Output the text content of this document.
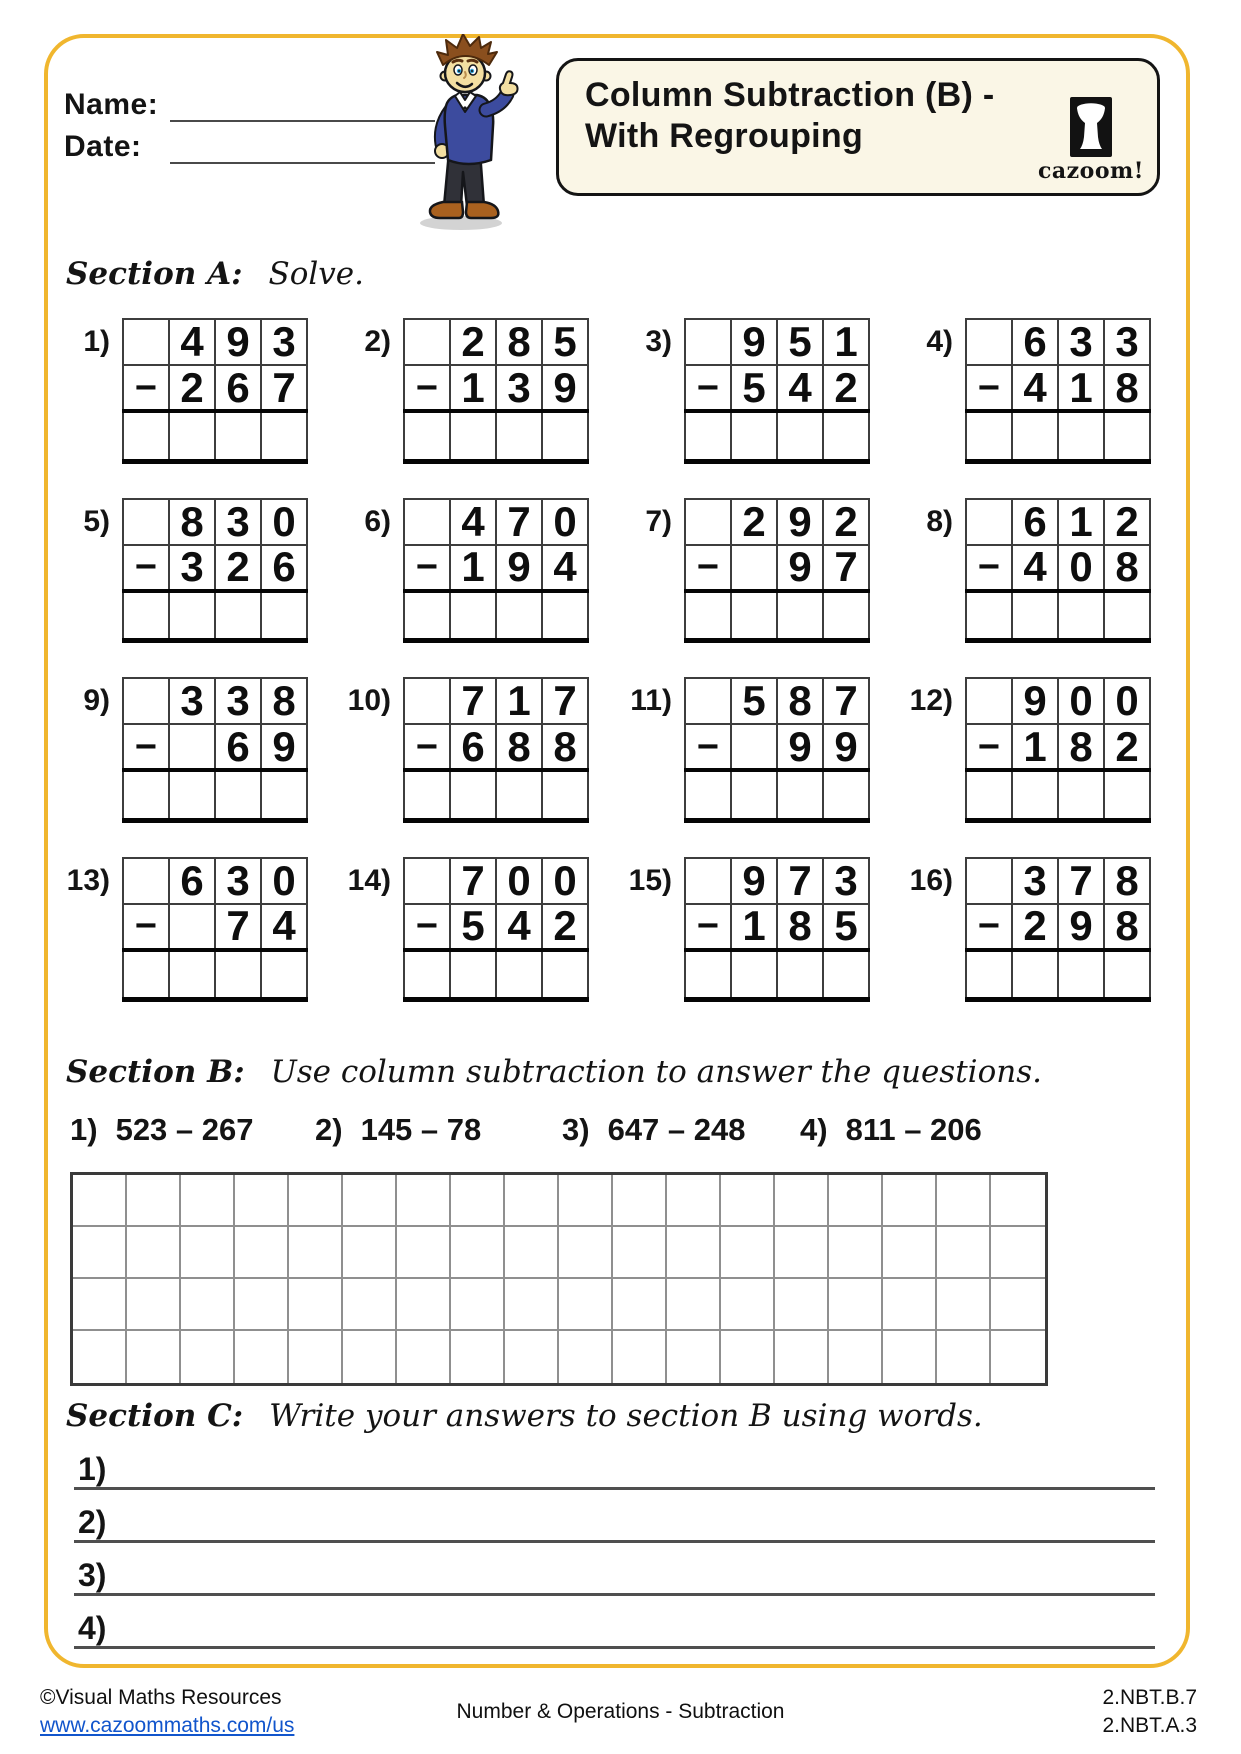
Name:
Date:
Column Subtraction (B) -
With Regrouping
cazoom!
Section A: Solve.
1)
	4	9	3
−	2	6	7

2)
	2	8	5
−	1	3	9

3)
	9	5	1
−	5	4	2

4)
	6	3	3
−	4	1	8

5)
	8	3	0
−	3	2	6

6)
	4	7	0
−	1	9	4

7)
	2	9	2
−		9	7

8)
	6	1	2
−	4	0	8

9)
	3	3	8
−		6	9

10)
	7	1	7
−	6	8	8

11)
	5	8	7
−		9	9

12)
	9	0	0
−	1	8	2

13)
	6	3	0
−		7	4

14)
	7	0	0
−	5	4	2

15)
	9	7	3
−	1	8	5

16)
	3	7	8
−	2	9	8

Section B: Use column subtraction to answer the questions.
1) 523 – 267 2) 145 – 78	3) 647 – 248 4) 811 – 206
Section C: Write your answers to section B using words.
1)
2)
3)
4)
©Visual Maths Resources
www.cazoommaths.com/us
Number & Operations - Subtraction
2.NBT.B.7
2.NBT.A.3
